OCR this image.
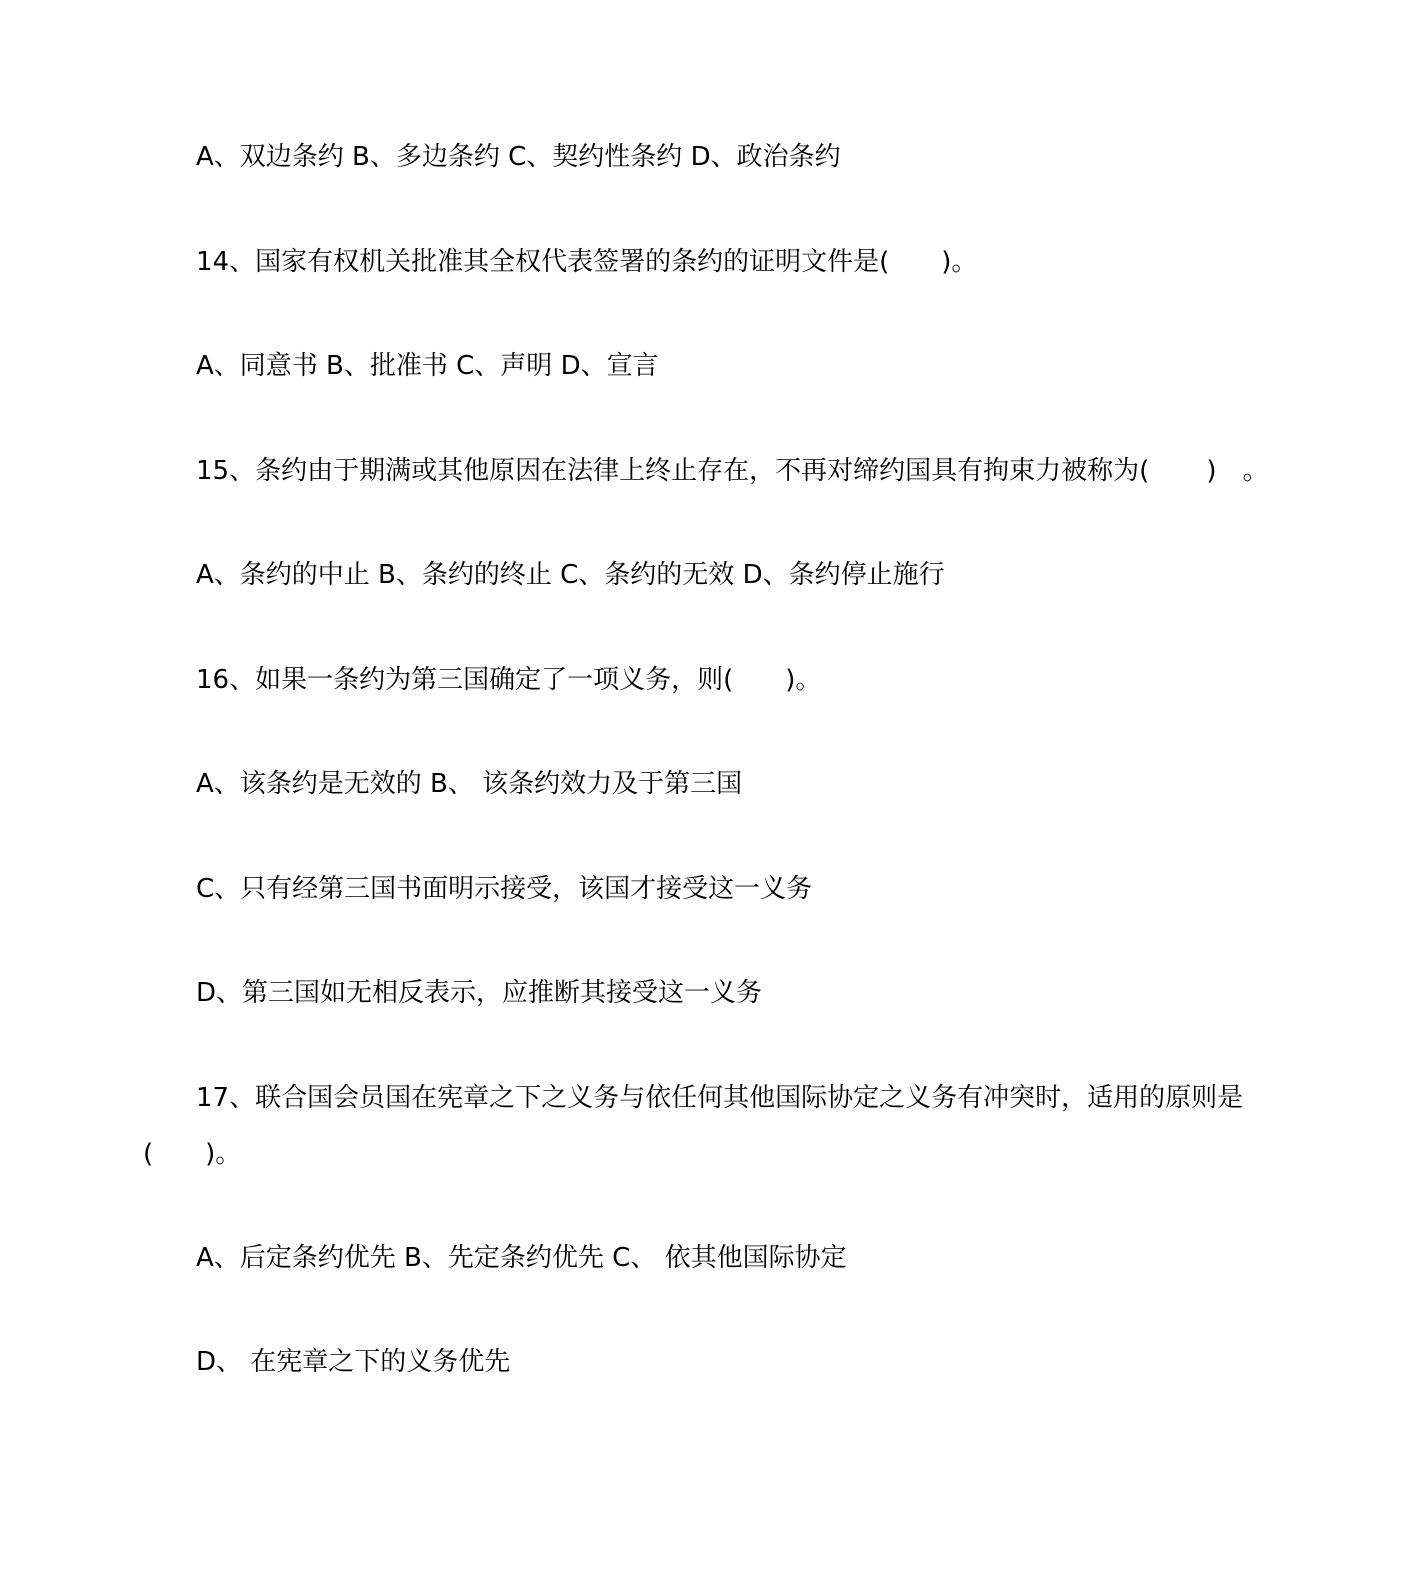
A、双边条约 B、多边条约 C、契约性条约 D、政治条约
14、国家有权机关批准其全权代表签署的条约的证明文件是(　　)。
A、同意书 B、批准书 C、声明 D、宣言
15、条约由于期满或其他原因在法律上终止存在，不再对缔约国具有拘束力被称为(　　 )　。
A、条约的中止 B、条约的终止 C、条约的无效 D、条约停止施行
16、如果一条约为第三国确定了一项义务，则(　　)。
A、该条约是无效的 B、 该条约效力及于第三国
C、只有经第三国书面明示接受，该国才接受这一义务
D、第三国如无相反表示，应推断其接受这一义务
17、联合国会员国在宪章之下之义务与依任何其他国际协定之义务有冲突时，适用的原则是(　　)。
A、后定条约优先 B、先定条约优先 C、 依其他国际协定
D、 在宪章之下的义务优先
